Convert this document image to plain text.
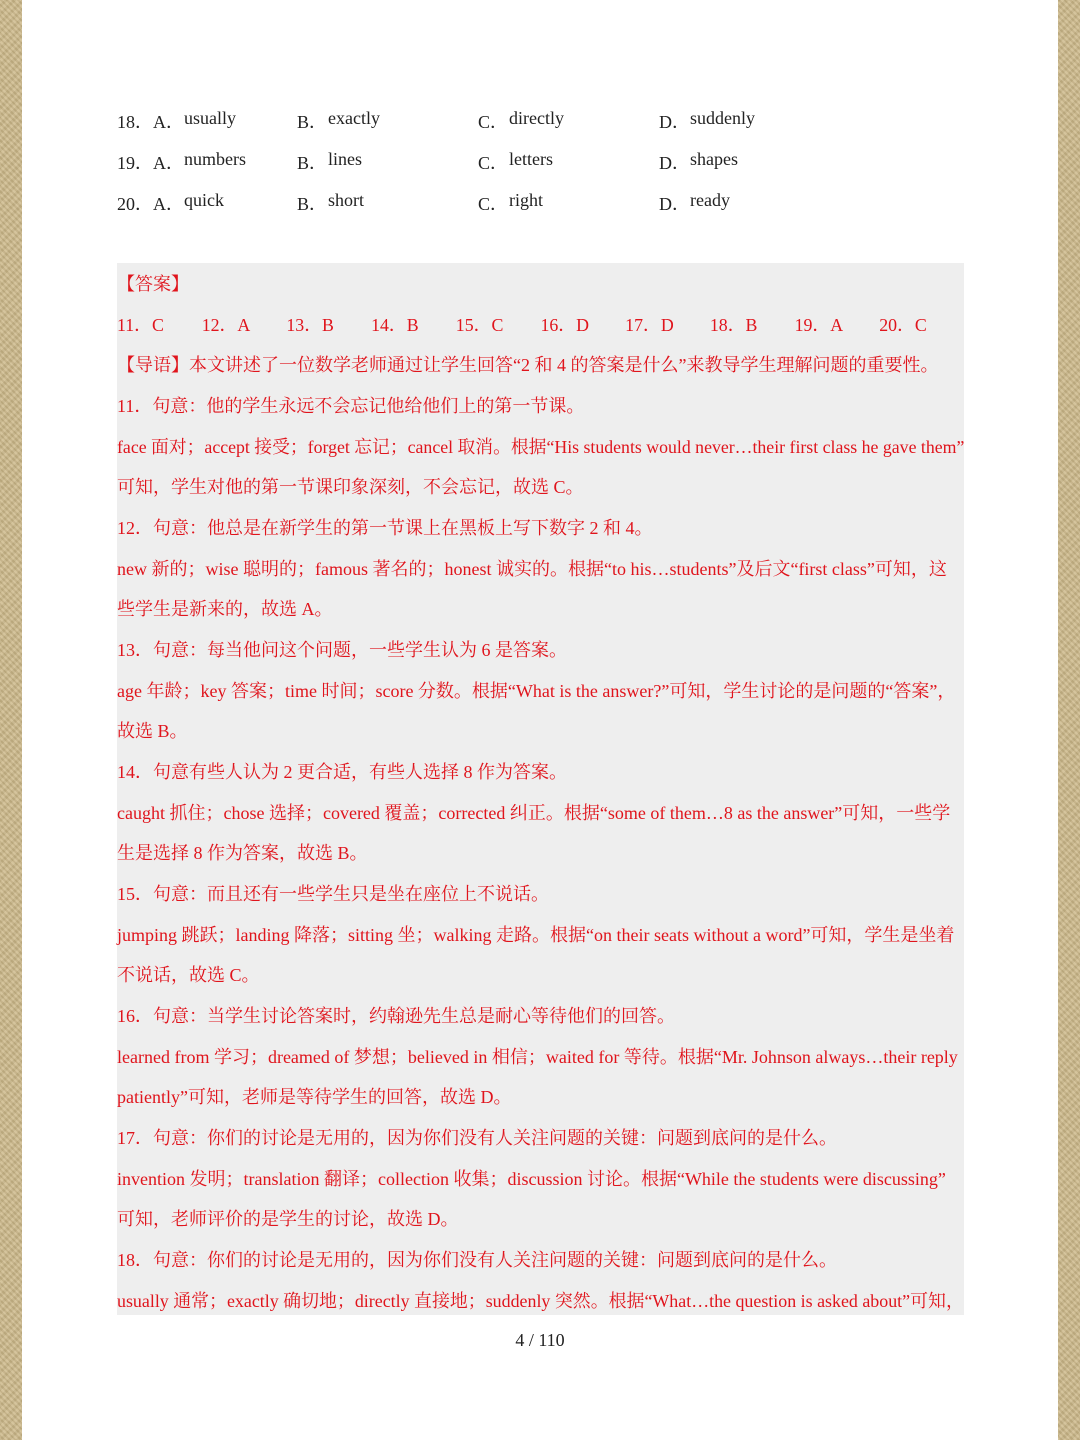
18． A． usually	B． exactly	C． directly	D． suddenly
19． A． numbers	B． lines	C． letters	D． shapes
20． A． quick	B． short	C． right	D． ready
【答案】
11．C	12．A	13．B	14．B	15．C	16．D	17．D	18．B	19．A	20．C
【导语】本文讲述了一位数学老师通过让学生回答“2 和 4 的答案是什么”来教导学生理解问题的重要性。
11．句意：他的学生永远不会忘记他给他们上的第一节课。
face 面对；accept 接受；forget 忘记；cancel 取消。根据“His students would never…their first class he gave them”
可知，学生对他的第一节课印象深刻，不会忘记，故选 C。
12．句意：他总是在新学生的第一节课上在黑板上写下数字 2 和 4。
new 新的；wise 聪明的；famous 著名的；honest 诚实的。根据“to his…students”及后文“first class”可知，这
些学生是新来的，故选 A。
13．句意：每当他问这个问题，一些学生认为 6 是答案。
age 年龄；key 答案；time 时间；score 分数。根据“What is the answer?”可知，学生讨论的是问题的“答案”，
故选 B。
14．句意有些人认为 2 更合适，有些人选择 8 作为答案。
caught 抓住；chose 选择；covered 覆盖；corrected 纠正。根据“some of them…8 as the answer”可知，一些学
生是选择 8 作为答案，故选 B。
15．句意：而且还有一些学生只是坐在座位上不说话。
jumping 跳跃；landing 降落；sitting 坐；walking 走路。根据“on their seats without a word”可知，学生是坐着
不说话，故选 C。
16．句意：当学生讨论答案时，约翰逊先生总是耐心等待他们的回答。
learned from 学习；dreamed of 梦想；believed in 相信；waited for 等待。根据“Mr. Johnson always…their reply
patiently”可知，老师是等待学生的回答，故选 D。
17．句意：你们的讨论是无用的，因为你们没有人关注问题的关键：问题到底问的是什么。
invention 发明；translation 翻译；collection 收集；discussion 讨论。根据“While the students were discussing”
可知，老师评价的是学生的讨论，故选 D。
18．句意：你们的讨论是无用的，因为你们没有人关注问题的关键：问题到底问的是什么。
usually 通常；exactly 确切地；directly 直接地；suddenly 突然。根据“What…the question is asked about”可知，
4 / 110
